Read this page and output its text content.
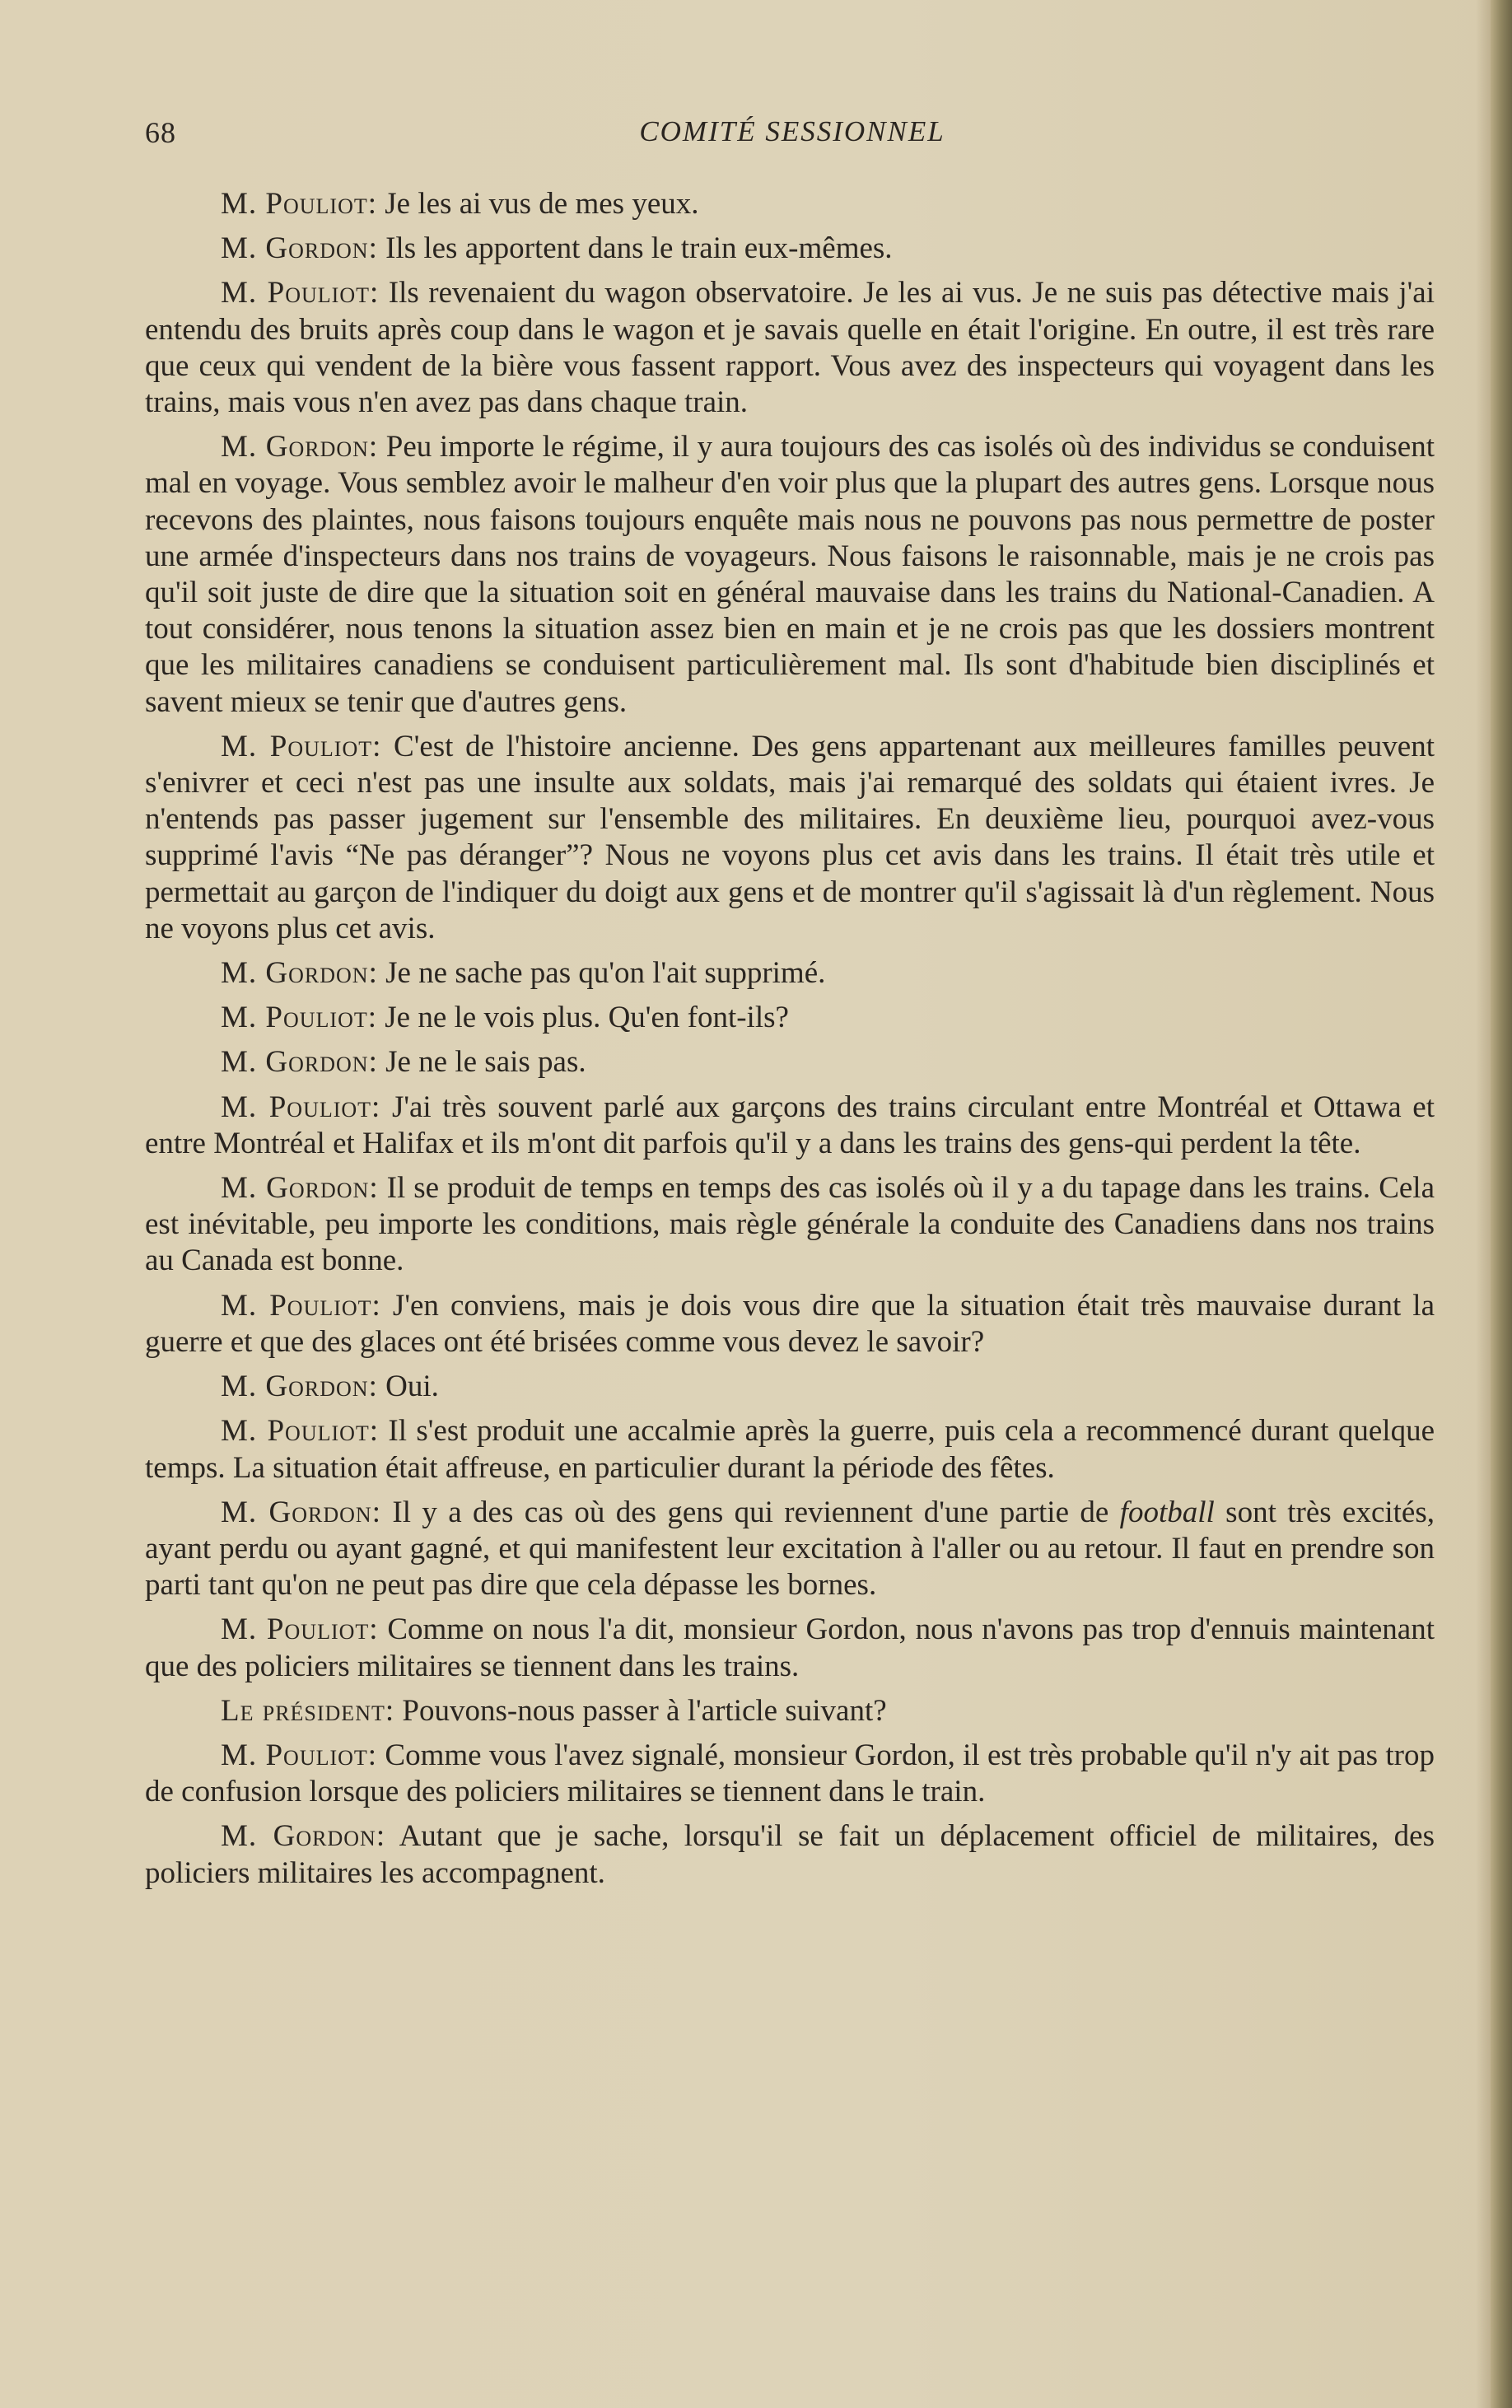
68	COMITÉ SESSIONNEL

M. Pouliot: Je les ai vus de mes yeux.

M. Gordon: Ils les apportent dans le train eux-mêmes.

M. Pouliot: Ils revenaient du wagon observatoire. Je les ai vus. Je ne suis pas détective mais j'ai entendu des bruits après coup dans le wagon et je savais quelle en était l'origine. En outre, il est très rare que ceux qui vendent de la bière vous fassent rapport. Vous avez des inspecteurs qui voyagent dans les trains, mais vous n'en avez pas dans chaque train.

M. Gordon: Peu importe le régime, il y aura toujours des cas isolés où des individus se conduisent mal en voyage. Vous semblez avoir le malheur d'en voir plus que la plupart des autres gens. Lorsque nous recevons des plaintes, nous faisons toujours enquête mais nous ne pouvons pas nous permettre de poster une armée d'inspecteurs dans nos trains de voyageurs. Nous faisons le raisonnable, mais je ne crois pas qu'il soit juste de dire que la situation soit en général mauvaise dans les trains du National-Canadien. A tout considérer, nous tenons la situation assez bien en main et je ne crois pas que les dossiers montrent que les militaires canadiens se conduisent particulièrement mal. Ils sont d'habitude bien disciplinés et savent mieux se tenir que d'autres gens.

M. Pouliot: C'est de l'histoire ancienne. Des gens appartenant aux meilleures familles peuvent s'enivrer et ceci n'est pas une insulte aux soldats, mais j'ai remarqué des soldats qui étaient ivres. Je n'entends pas passer jugement sur l'ensemble des militaires. En deuxième lieu, pourquoi avez-vous supprimé l'avis “Ne pas déranger”? Nous ne voyons plus cet avis dans les trains. Il était très utile et permettait au garçon de l'indiquer du doigt aux gens et de montrer qu'il s'agissait là d'un règlement. Nous ne voyons plus cet avis.

M. Gordon: Je ne sache pas qu'on l'ait supprimé.

M. Pouliot: Je ne le vois plus. Qu'en font-ils?

M. Gordon: Je ne le sais pas.

M. Pouliot: J'ai très souvent parlé aux garçons des trains circulant entre Montréal et Ottawa et entre Montréal et Halifax et ils m'ont dit parfois qu'il y a dans les trains des gens-qui perdent la tête.

M. Gordon: Il se produit de temps en temps des cas isolés où il y a du tapage dans les trains. Cela est inévitable, peu importe les conditions, mais règle générale la conduite des Canadiens dans nos trains au Canada est bonne.

M. Pouliot: J'en conviens, mais je dois vous dire que la situation était très mauvaise durant la guerre et que des glaces ont été brisées comme vous devez le savoir?

M. Gordon: Oui.

M. Pouliot: Il s'est produit une accalmie après la guerre, puis cela a recommencé durant quelque temps. La situation était affreuse, en particulier durant la période des fêtes.

M. Gordon: Il y a des cas où des gens qui reviennent d'une partie de football sont très excités, ayant perdu ou ayant gagné, et qui manifestent leur excitation à l'aller ou au retour. Il faut en prendre son parti tant qu'on ne peut pas dire que cela dépasse les bornes.

M. Pouliot: Comme on nous l'a dit, monsieur Gordon, nous n'avons pas trop d'ennuis maintenant que des policiers militaires se tiennent dans les trains.

Le président: Pouvons-nous passer à l'article suivant?

M. Pouliot: Comme vous l'avez signalé, monsieur Gordon, il est très probable qu'il n'y ait pas trop de confusion lorsque des policiers militaires se tiennent dans le train.

M. Gordon: Autant que je sache, lorsqu'il se fait un déplacement officiel de militaires, des policiers militaires les accompagnent.
